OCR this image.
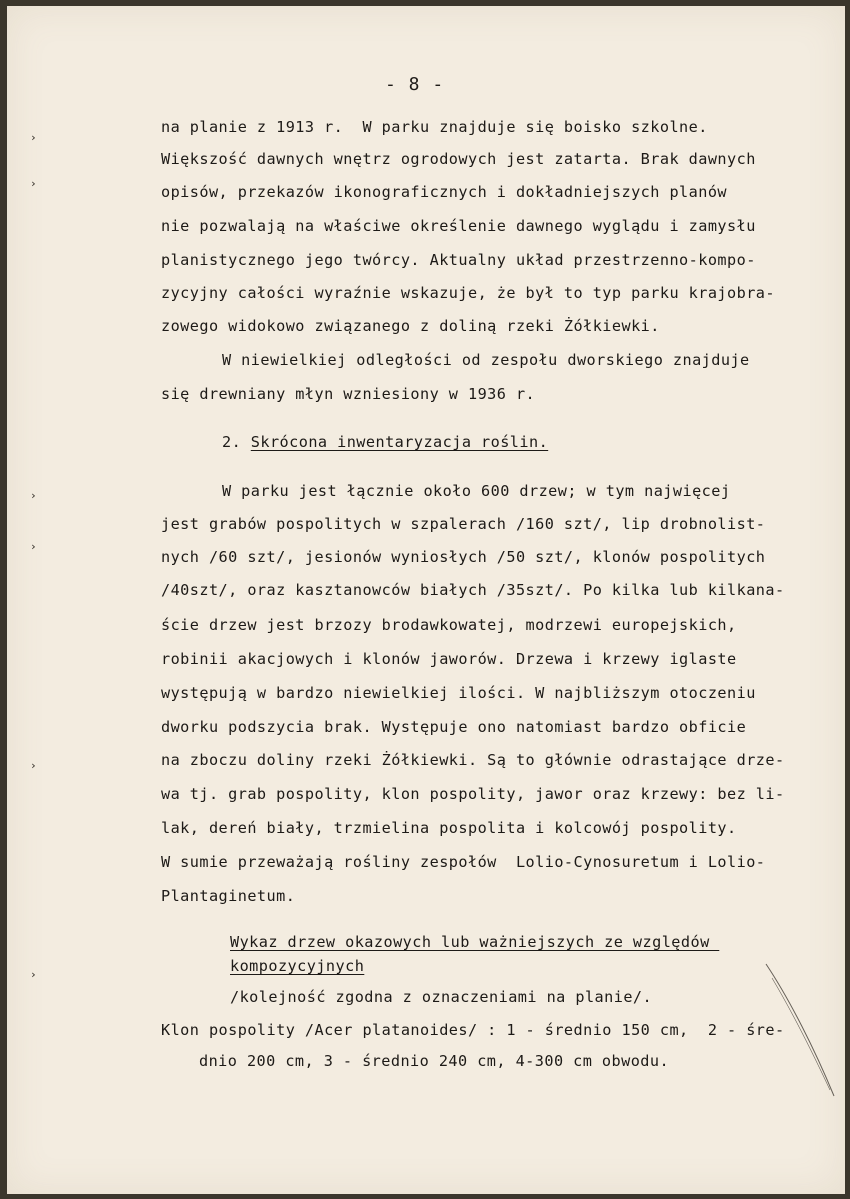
›
›
›
›
›
›
- 8 -
na planie z 1913 r.  W parku znajduje się boisko szkolne.
Większość dawnych wnętrz ogrodowych jest zatarta. Brak dawnych
opisów, przekazów ikonograficznych i dokładniejszych planów
nie pozwalają na właściwe określenie dawnego wyglądu i zamysłu
planistycznego jego twórcy. Aktualny układ przestrzenno-kompo-
zycyjny całości wyraźnie wskazuje, że był to typ parku krajobra-
zowego widokowo związanego z doliną rzeki Żółkiewki.
W niewielkiej odległości od zespołu dworskiego znajduje
się drewniany młyn wzniesiony w 1936 r.
2. Skrócona_inwentaryzacja roślin.
W parku jest łącznie około 600 drzew; w tym najwięcej
jest grabów pospolitych w szpalerach /160 szt/, lip drobnolist-
nych /60 szt/, jesionów wyniosłych /50 szt/, klonów pospolitych
/40szt/, oraz kasztanowców białych /35szt/. Po kilka lub kilkana-
ście drzew jest brzozy brodawkowatej, modrzewi europejskich,
robinii akacjowych i klonów jaworów. Drzewa i krzewy iglaste
występują w bardzo niewielkiej ilości. W najbliższym otoczeniu
dworku podszycia brak. Występuje ono natomiast bardzo obficie
na zboczu doliny rzeki Żółkiewki. Są to głównie odrastające drze-
wa tj. grab pospolity, klon pospolity, jawor oraz krzewy: bez li-
lak, dereń biały, trzmielina pospolita i kolcowój pospolity.
W sumie przeważają rośliny zespołów  Lolio-Cynosuretum i Lolio-
Plantaginetum.
Wykaz drzew okazowych lub ważniejszych_ze względów_
kompozycyjnych
/kolejność zgodna z oznaczeniami na planie/.
Klon pospolity /Acer platanoides/ : 1 - średnio 150 cm,  2 - śre-
dnio 200 cm, 3 - średnio 240 cm, 4-300 cm obwodu.
